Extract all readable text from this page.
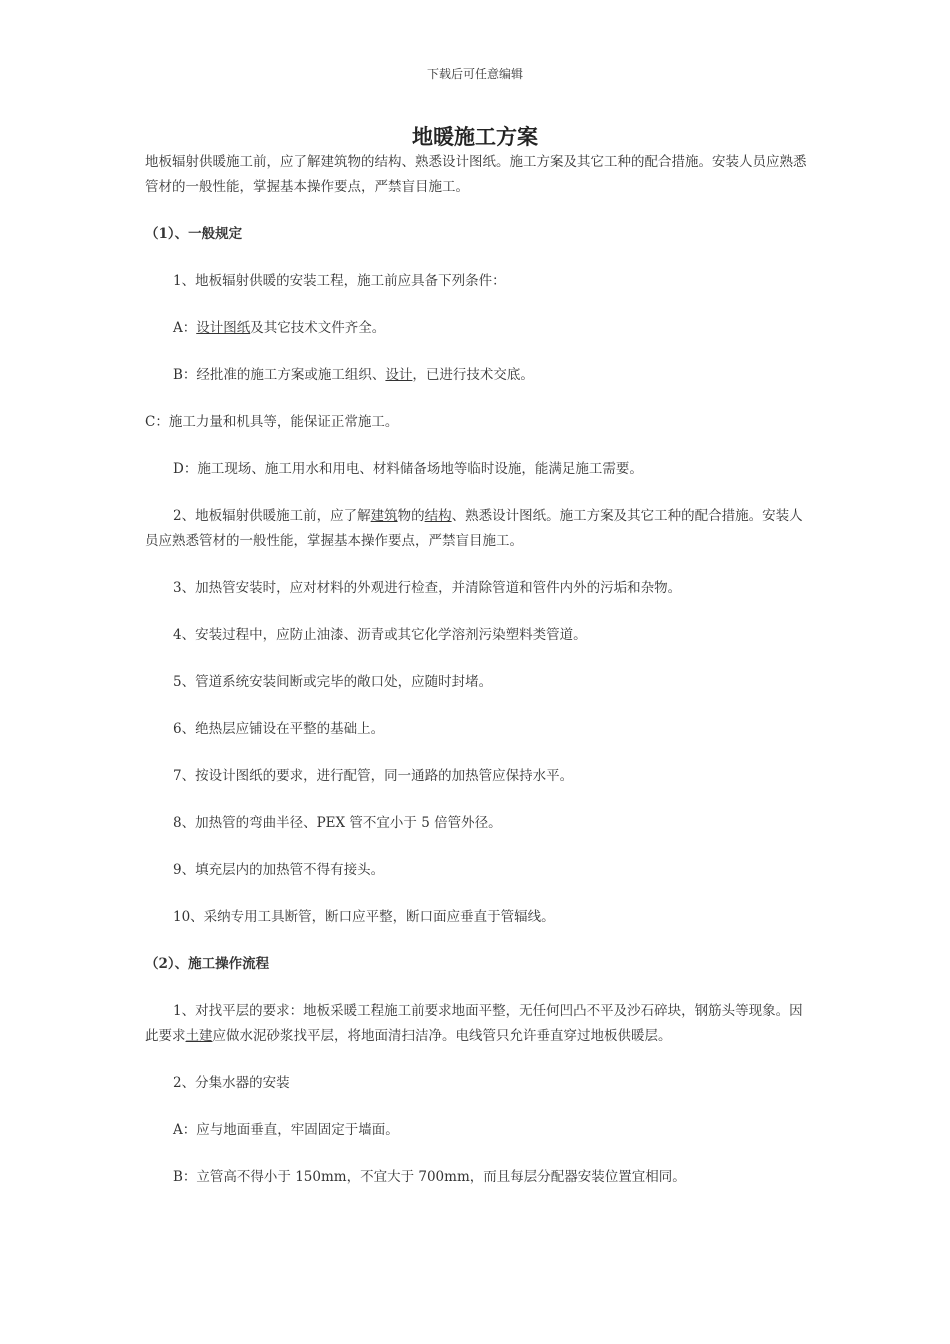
下载后可任意编辑
地暖施工方案

地板辐射供暖施工前，应了解建筑物的结构、熟悉设计图纸。施工方案及其它工种的配合措施。安装人员应熟悉管材的一般性能，掌握基本操作要点，严禁盲目施工。

（1）、一般规定

1、地板辐射供暖的安装工程，施工前应具备下列条件：

A：设计图纸及其它技术文件齐全。

B：经批准的施工方案或施工组织、设计，已进行技术交底。

C：施工力量和机具等，能保证正常施工。

D：施工现场、施工用水和用电、材料储备场地等临时设施，能满足施工需要。

2、地板辐射供暖施工前，应了解建筑物的结构、熟悉设计图纸。施工方案及其它工种的配合措施。安装人员应熟悉管材的一般性能，掌握基本操作要点，严禁盲目施工。

3、加热管安装时，应对材料的外观进行检查，并清除管道和管件内外的污垢和杂物。

4、安装过程中，应防止油漆、沥青或其它化学溶剂污染塑料类管道。

5、管道系统安装间断或完毕的敞口处，应随时封堵。

6、绝热层应铺设在平整的基础上。

7、按设计图纸的要求，进行配管，同一通路的加热管应保持水平。

8、加热管的弯曲半径、PEX 管不宜小于 5 倍管外径。

9、填充层内的加热管不得有接头。

10、采纳专用工具断管，断口应平整，断口面应垂直于管辐线。

（2）、施工操作流程

1、对找平层的要求：地板采暖工程施工前要求地面平整，无任何凹凸不平及沙石碎块，钢筋头等现象。因此要求土建应做水泥砂浆找平层，将地面清扫洁净。电线管只允许垂直穿过地板供暖层。

2、分集水器的安装

A：应与地面垂直，牢固固定于墙面。

B：立管高不得小于 150mm，不宜大于 700mm，而且每层分配器安装位置宜相同。
